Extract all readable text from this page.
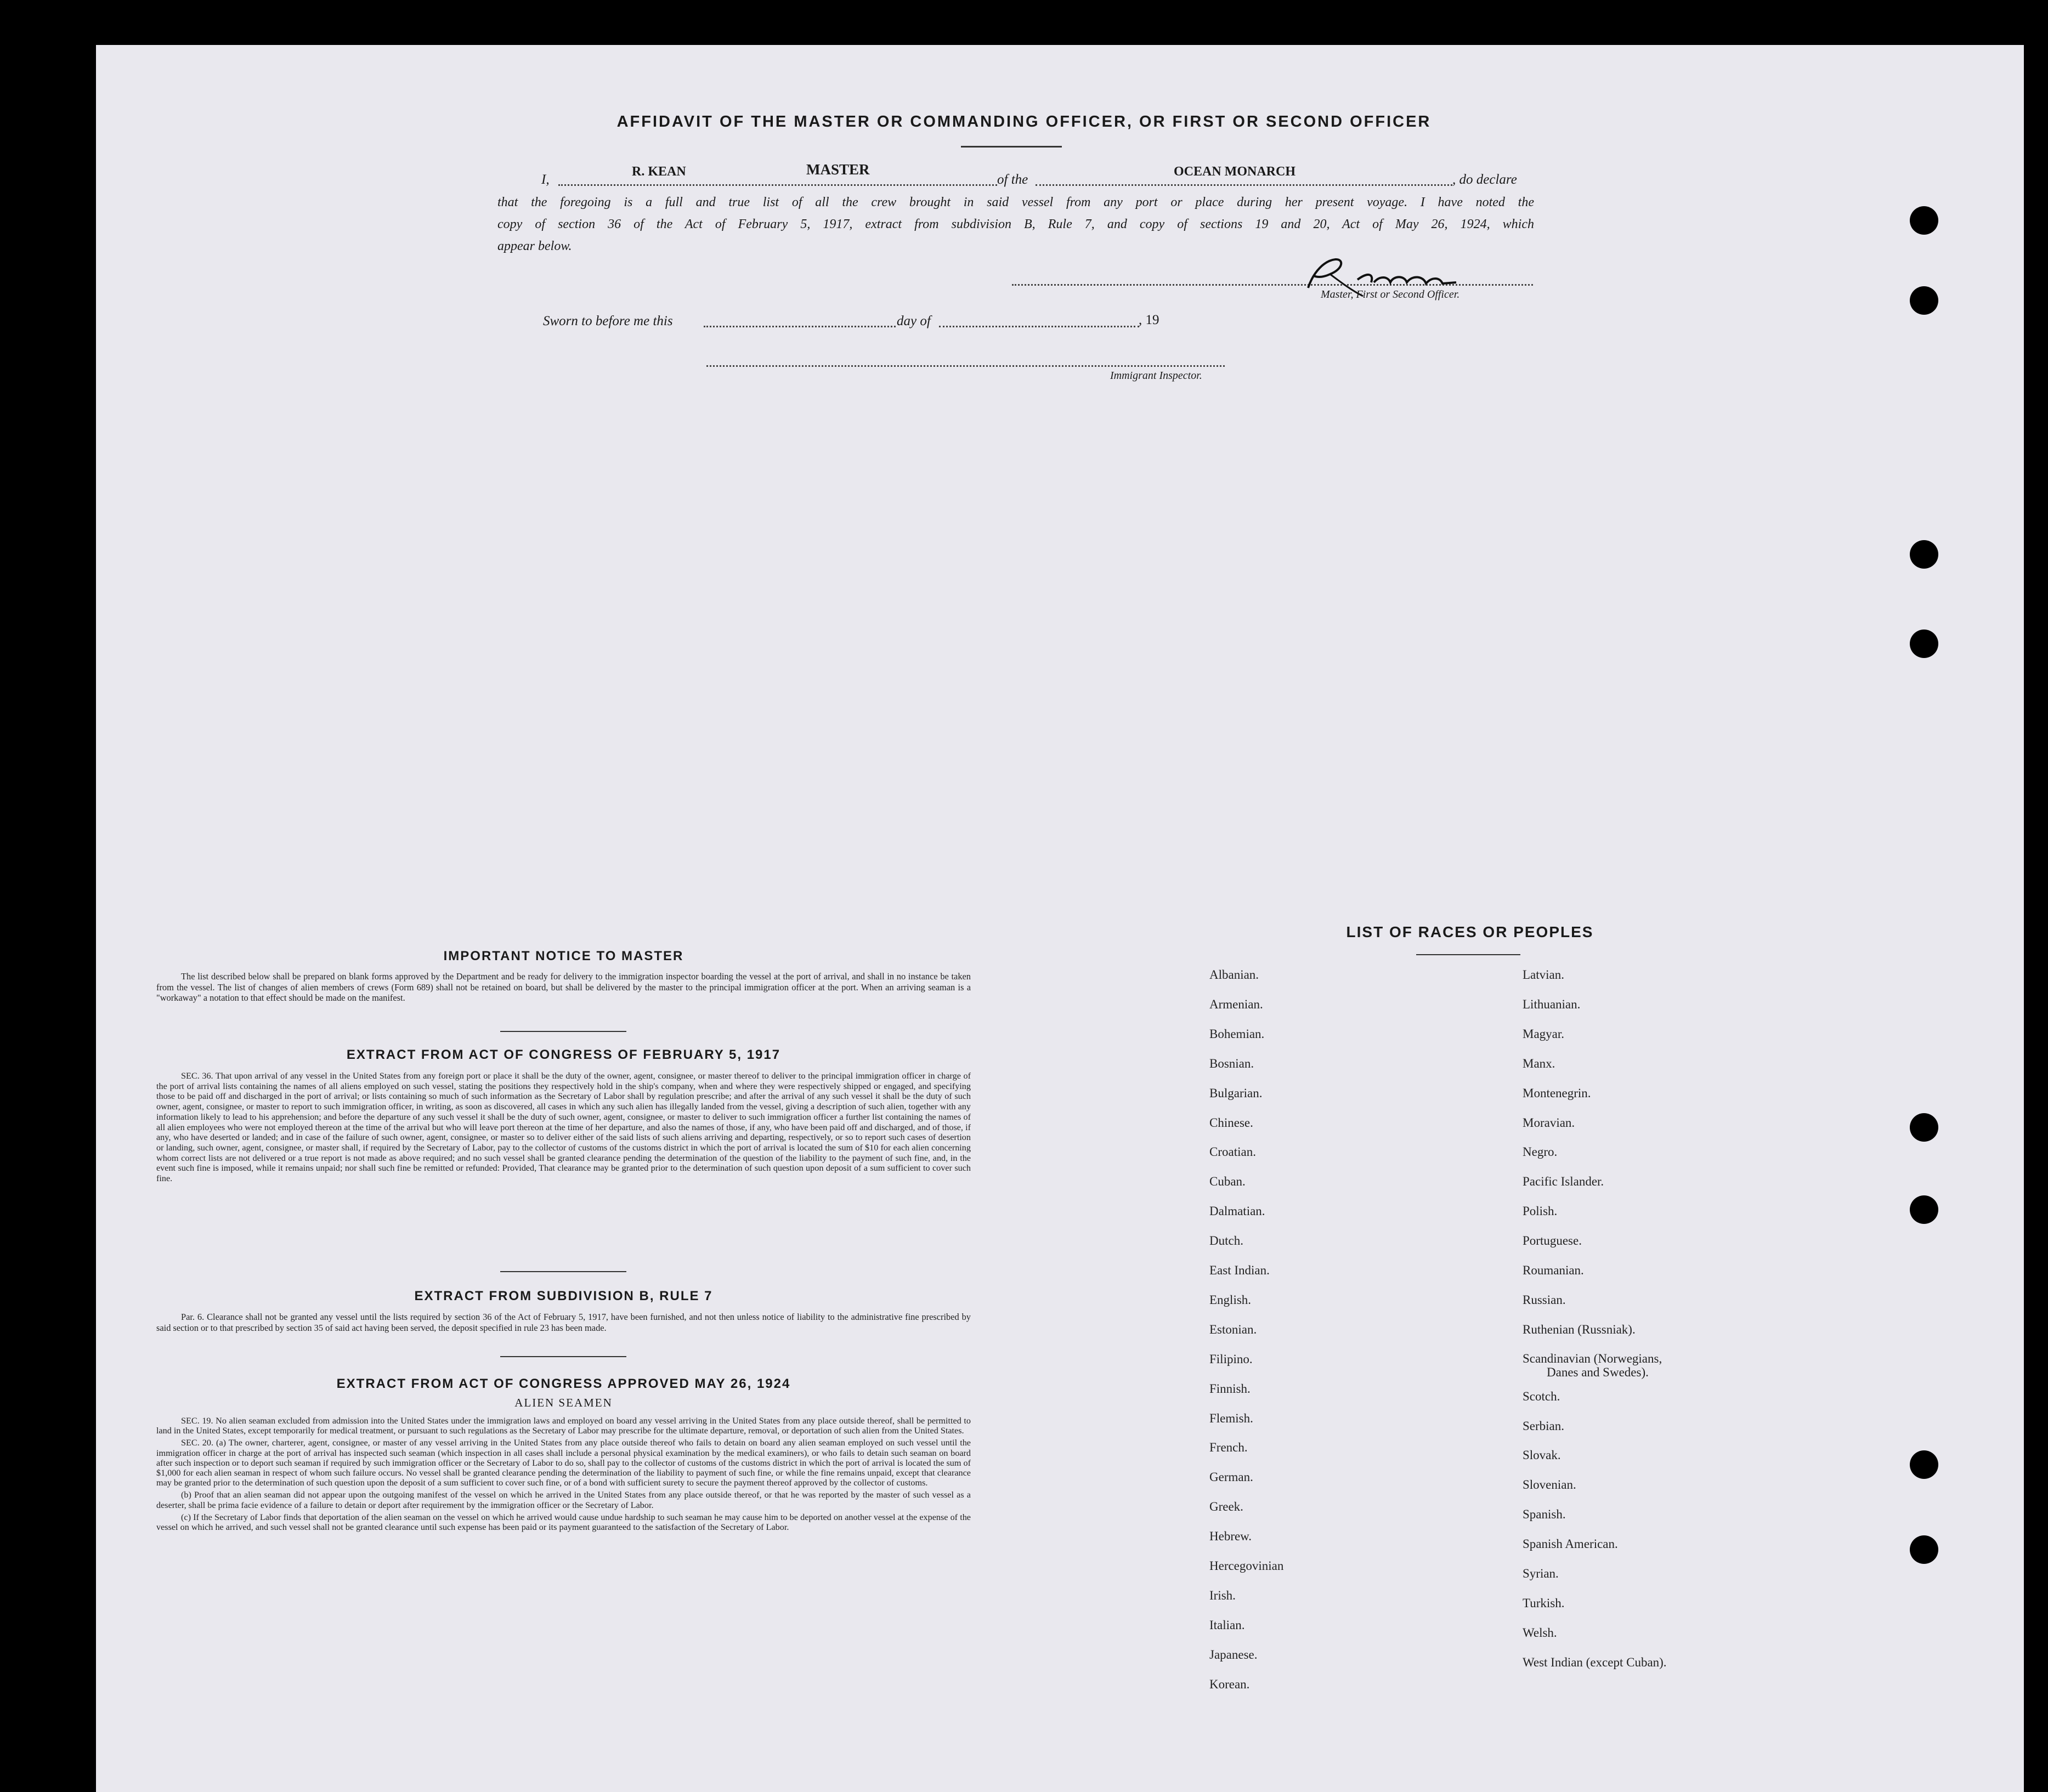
AFFIDAVIT OF THE MASTER OR COMMANDING OFFICER, OR FIRST OR SECOND OFFICER
I,
R. KEAN	MASTER
of the
OCEAN MONARCH
, do declare
that the foregoing is a full and true list of all the crew brought in said vessel from any port or place during her present voyage. I have noted the
copy of section 36 of the Act of February 5, 1917, extract from subdivision B, Rule 7, and copy of sections 19 and 20, Act of May 26, 1924, which
appear below.	R Kean
Master, First or Second Officer.
Sworn to before me this	day of	, 19
Immigrant Inspector.
IMPORTANT NOTICE TO MASTER

The list described below shall be prepared on blank forms approved by the Department and be ready for delivery to the immigration inspector boarding the vessel at the port of arrival, and shall in no instance be taken from the vessel. The list of changes of alien members of crews (Form 689) shall not be retained on board, but shall be delivered by the master to the principal immigration officer at the port. When an arriving seaman is a "workaway" a notation to that effect should be made on the manifest.

EXTRACT FROM ACT OF CONGRESS OF FEBRUARY 5, 1917

SEC. 36. That upon arrival of any vessel in the United States from any foreign port or place it shall be the duty of the owner, agent, consignee, or master thereof to deliver to the principal immigration officer in charge of the port of arrival lists containing the names of all aliens employed on such vessel, stating the positions they respectively hold in the ship's company, when and where they were respectively shipped or engaged, and specifying those to be paid off and discharged in the port of arrival; or lists containing so much of such information as the Secretary of Labor shall by regulation prescribe; and after the arrival of any such vessel it shall be the duty of such owner, agent, consignee, or master to report to such immigration officer, in writing, as soon as discovered, all cases in which any such alien has illegally landed from the vessel, giving a description of such alien, together with any information likely to lead to his apprehension; and before the departure of any such vessel it shall be the duty of such owner, agent, consignee, or master to deliver to such immigration officer a further list containing the names of all alien employees who were not employed thereon at the time of the arrival but who will leave port thereon at the time of her departure, and also the names of those, if any, who have been paid off and discharged, and of those, if any, who have deserted or landed; and in case of the failure of such owner, agent, consignee, or master so to deliver either of the said lists of such aliens arriving and departing, respectively, or so to report such cases of desertion or landing, such owner, agent, consignee, or master shall, if required by the Secretary of Labor, pay to the collector of customs of the customs district in which the port of arrival is located the sum of $10 for each alien concerning whom correct lists are not delivered or a true report is not made as above required; and no such vessel shall be granted clearance pending the determination of the question of the liability to the payment of such fine, and, in the event such fine is imposed, while it remains unpaid; nor shall such fine be remitted or refunded: Provided, That clearance may be granted prior to the determination of such question upon deposit of a sum sufficient to cover such fine.

EXTRACT FROM SUBDIVISION B, RULE 7

Par. 6. Clearance shall not be granted any vessel until the lists required by section 36 of the Act of February 5, 1917, have been furnished, and not then unless notice of liability to the administrative fine prescribed by said section or to that prescribed by section 35 of said act having been served, the deposit specified in rule 23 has been made.

EXTRACT FROM ACT OF CONGRESS APPROVED MAY 26, 1924
ALIEN SEAMEN

SEC. 19. No alien seaman excluded from admission into the United States under the immigration laws and employed on board any vessel arriving in the United States from any place outside thereof, shall be permitted to land in the United States, except temporarily for medical treatment, or pursuant to such regulations as the Secretary of Labor may prescribe for the ultimate departure, removal, or deportation of such alien from the United States.

SEC. 20. (a) The owner, charterer, agent, consignee, or master of any vessel arriving in the United States from any place outside thereof who fails to detain on board any alien seaman employed on such vessel until the immigration officer in charge at the port of arrival has inspected such seaman (which inspection in all cases shall include a personal physical examination by the medical examiners), or who fails to detain such seaman on board after such inspection or to deport such seaman if required by such immigration officer or the Secretary of Labor to do so, shall pay to the collector of customs of the customs district in which the port of arrival is located the sum of $1,000 for each alien seaman in respect of whom such failure occurs. No vessel shall be granted clearance pending the determination of the liability to payment of such fine, or while the fine remains unpaid, except that clearance may be granted prior to the determination of such question upon the deposit of a sum sufficient to cover such fine, or of a bond with sufficient surety to secure the payment thereof approved by the collector of customs.

(b) Proof that an alien seaman did not appear upon the outgoing manifest of the vessel on which he arrived in the United States from any place outside thereof, or that he was reported by the master of such vessel as a deserter, shall be prima facie evidence of a failure to detain or deport after requirement by the immigration officer or the Secretary of Labor.

(c) If the Secretary of Labor finds that deportation of the alien seaman on the vessel on which he arrived would cause undue hardship to such seaman he may cause him to be deported on another vessel at the expense of the vessel on which he arrived, and such vessel shall not be granted clearance until such expense has been paid or its payment guaranteed to the satisfaction of the Secretary of Labor.

LIST OF RACES OR PEOPLES
Albanian.
Armenian.
Bohemian.
Bosnian.
Bulgarian.
Chinese.
Croatian.
Cuban.
Dalmatian.
Dutch.
East Indian.
English.
Estonian.
Filipino.
Finnish.
Flemish.
French.
German.
Greek.
Hebrew.
Hercegovinian
Irish.
Italian.
Japanese.
Korean.
Latvian.
Lithuanian.
Magyar.
Manx.
Montenegrin.
Moravian.
Negro.
Pacific Islander.
Polish.
Portuguese.
Roumanian.
Russian.
Ruthenian (Russniak).
Scandinavian (Norwegians,
Danes and Swedes).
Scotch.
Serbian.
Slovak.
Slovenian.
Spanish.
Spanish American.
Syrian.
Turkish.
Welsh.
West Indian (except Cuban).
